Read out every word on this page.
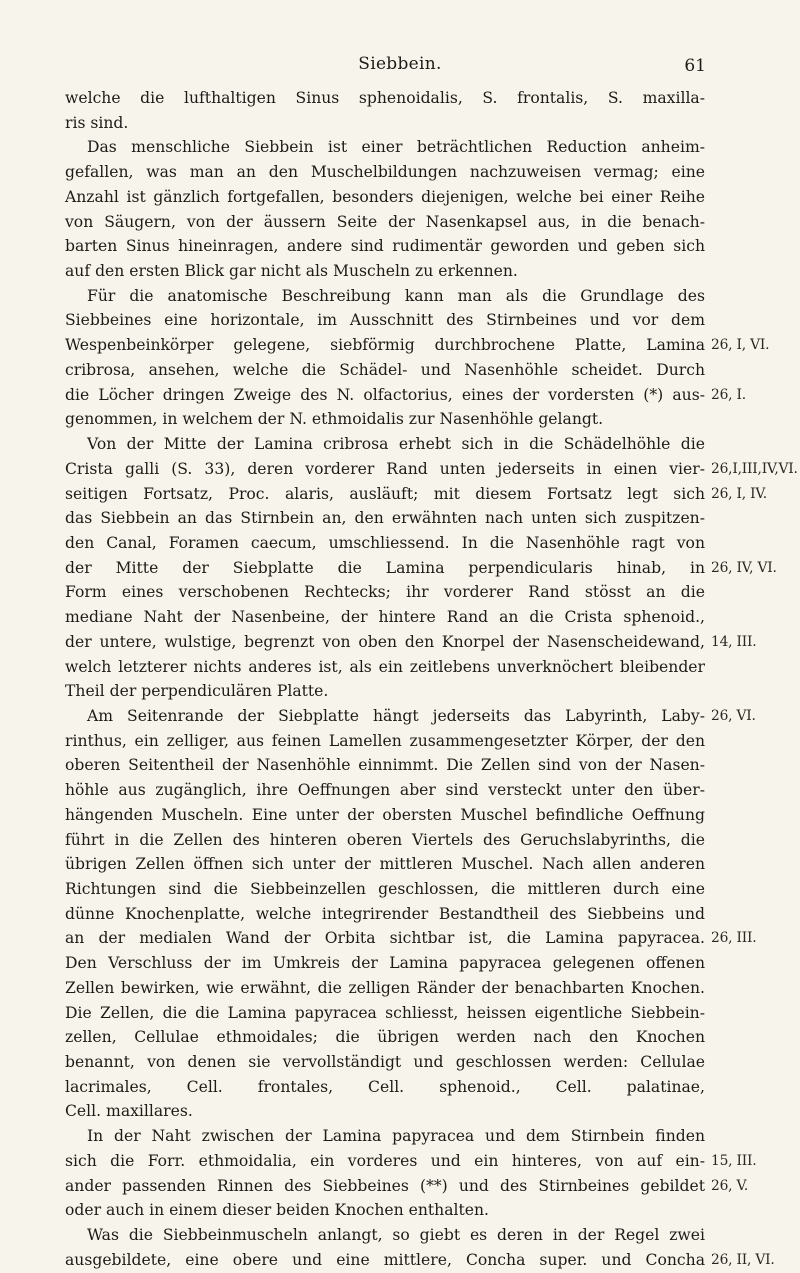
Siebbein.	61
welche die lufthaltigen Sinus sphenoidalis, S. frontalis, S. maxilla-
ris sind.
Das menschliche Siebbein ist einer beträchtlichen Reduction anheim-
gefallen, was man an den Muschelbildungen nachzuweisen vermag; eine
Anzahl ist gänzlich fortgefallen, besonders diejenigen, welche bei einer Reihe
von Säugern, von der äussern Seite der Nasenkapsel aus, in die benach-
barten Sinus hineinragen, andere sind rudimentär geworden und geben sich
auf den ersten Blick gar nicht als Muscheln zu erkennen.
Für die anatomische Beschreibung kann man als die Grundlage des
Siebbeines eine horizontale, im Ausschnitt des Stirnbeines und vor dem
Wespenbeinkörper gelegene, siebförmig durchbrochene Platte, Lamina 26, I, VI.
cribrosa, ansehen, welche die Schädel- und Nasenhöhle scheidet. Durch
die Löcher dringen Zweige des N. olfactorius, eines der vordersten (*) aus- 26, I.
genommen, in welchem der N. ethmoidalis zur Nasenhöhle gelangt.
Von der Mitte der Lamina cribrosa erhebt sich in die Schädelhöhle die
Crista galli (S. 33), deren vorderer Rand unten jederseits in einen vier- 26,I,III,IV,VI.
seitigen Fortsatz, Proc. alaris, ausläuft; mit diesem Fortsatz legt sich 26, I, IV.
das Siebbein an das Stirnbein an, den erwähnten nach unten sich zuspitzen-
den Canal, Foramen caecum, umschliessend. In die Nasenhöhle ragt von
der Mitte der Siebplatte die Lamina perpendicularis hinab, in 26, IV, VI.
Form eines verschobenen Rechtecks; ihr vorderer Rand stösst an die
mediane Naht der Nasenbeine, der hintere Rand an die Crista sphenoid.,
der untere, wulstige, begrenzt von oben den Knorpel der Nasenscheidewand, 14, III.
welch letzterer nichts anderes ist, als ein zeitlebens unverknöchert bleibender
Theil der perpendiculären Platte.
Am Seitenrande der Siebplatte hängt jederseits das Labyrinth, Laby- 26, VI.
rinthus, ein zelliger, aus feinen Lamellen zusammengesetzter Körper, der den
oberen Seitentheil der Nasenhöhle einnimmt. Die Zellen sind von der Nasen-
höhle aus zugänglich, ihre Oeffnungen aber sind versteckt unter den über-
hängenden Muscheln. Eine unter der obersten Muschel befindliche Oeffnung
führt in die Zellen des hinteren oberen Viertels des Geruchslabyrinths, die
übrigen Zellen öffnen sich unter der mittleren Muschel. Nach allen anderen
Richtungen sind die Siebbeinzellen geschlossen, die mittleren durch eine
dünne Knochenplatte, welche integrirender Bestandtheil des Siebbeins und
an der medialen Wand der Orbita sichtbar ist, die Lamina papyracea. 26, III.
Den Verschluss der im Umkreis der Lamina papyracea gelegenen offenen
Zellen bewirken, wie erwähnt, die zelligen Ränder der benachbarten Knochen.
Die Zellen, die die Lamina papyracea schliesst, heissen eigentliche Siebbein-
zellen, Cellulae ethmoidales; die übrigen werden nach den Knochen
benannt, von denen sie vervollständigt und geschlossen werden: Cellulae
lacrimales, Cell. frontales, Cell. sphenoid., Cell. palatinae,
Cell. maxillares.
In der Naht zwischen der Lamina papyracea und dem Stirnbein finden
sich die Forr. ethmoidalia, ein vorderes und ein hinteres, von auf ein- 15, III.
ander passenden Rinnen des Siebbeines (**) und des Stirnbeines gebildet 26, V.
oder auch in einem dieser beiden Knochen enthalten.
Was die Siebbeinmuscheln anlangt, so giebt es deren in der Regel zwei
ausgebildete, eine obere und eine mittlere, Concha super. und Concha 26, II, VI.
